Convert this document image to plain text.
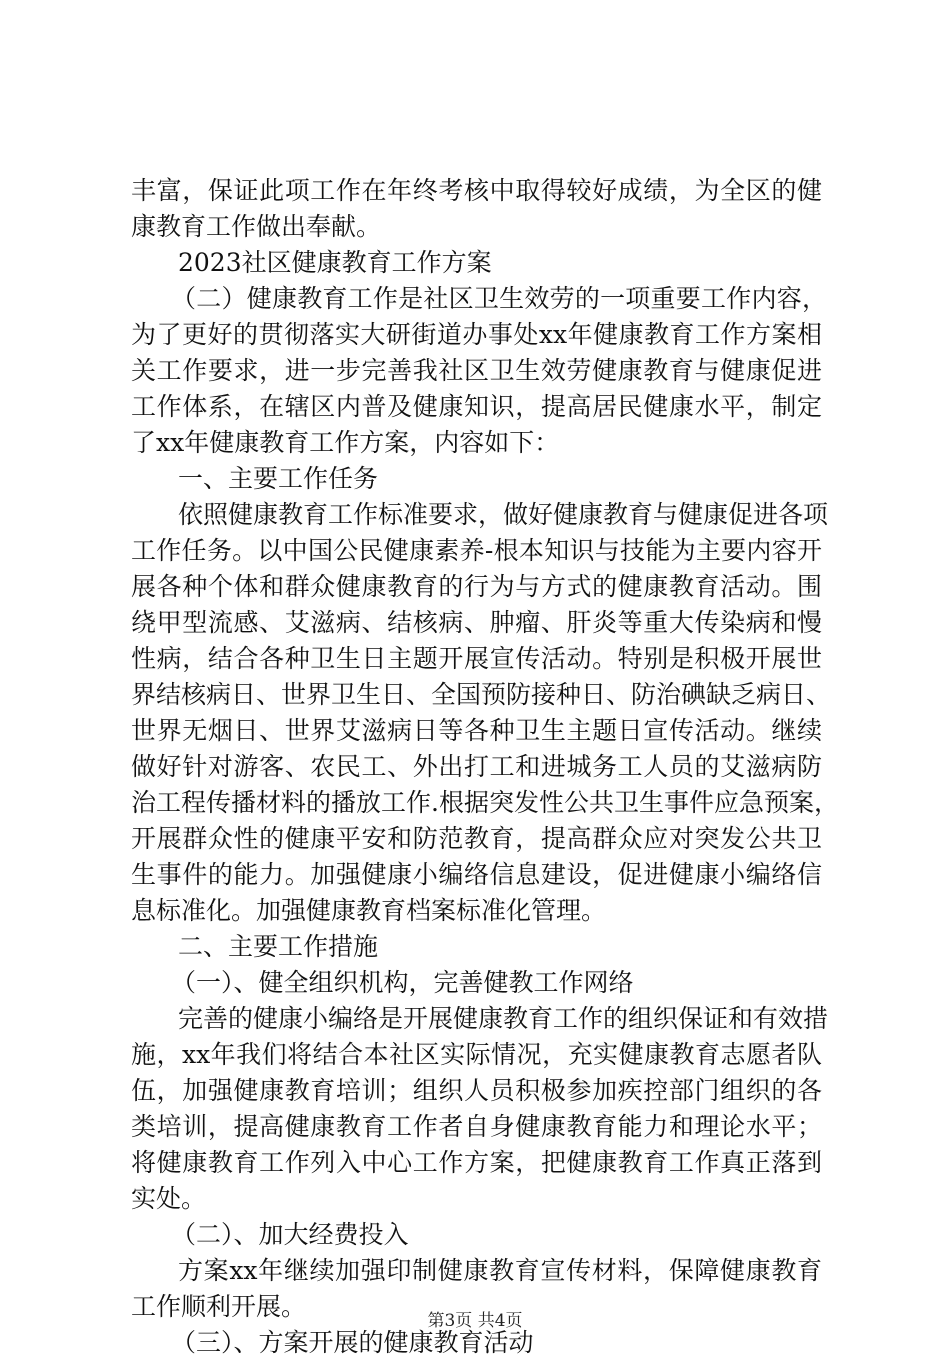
丰富，保证此项工作在年终考核中取得较好成绩，为全区的健
康教育工作做出奉献。
2023社区健康教育工作方案
（二）健康教育工作是社区卫生效劳的一项重要工作内容，
为了更好的贯彻落实大研街道办事处xx年健康教育工作方案相
关工作要求，进一步完善我社区卫生效劳健康教育与健康促进
工作体系，在辖区内普及健康知识，提高居民健康水平，制定
了xx年健康教育工作方案，内容如下：
一、主要工作任务
依照健康教育工作标准要求，做好健康教育与健康促进各项
工作任务。以中国公民健康素养-根本知识与技能为主要内容开
展各种个体和群众健康教育的行为与方式的健康教育活动。围
绕甲型流感、艾滋病、结核病、肿瘤、肝炎等重大传染病和慢
性病，结合各种卫生日主题开展宣传活动。特别是积极开展世
界结核病日、世界卫生日、全国预防接种日、防治碘缺乏病日、
世界无烟日、世界艾滋病日等各种卫生主题日宣传活动。继续
做好针对游客、农民工、外出打工和进城务工人员的艾滋病防
治工程传播材料的播放工作.根据突发性公共卫生事件应急预案，
开展群众性的健康平安和防范教育，提高群众应对突发公共卫
生事件的能力。加强健康小编络信息建设，促进健康小编络信
息标准化。加强健康教育档案标准化管理。
二、主要工作措施
（一）、健全组织机构，完善健教工作网络
完善的健康小编络是开展健康教育工作的组织保证和有效措
施，xx年我们将结合本社区实际情况，充实健康教育志愿者队
伍，加强健康教育培训；组织人员积极参加疾控部门组织的各
类培训，提高健康教育工作者自身健康教育能力和理论水平；
将健康教育工作列入中心工作方案，把健康教育工作真正落到
实处。
（二）、加大经费投入
方案xx年继续加强印制健康教育宣传材料，保障健康教育
工作顺利开展。
（三）、方案开展的健康教育活动
第3页 共4页
